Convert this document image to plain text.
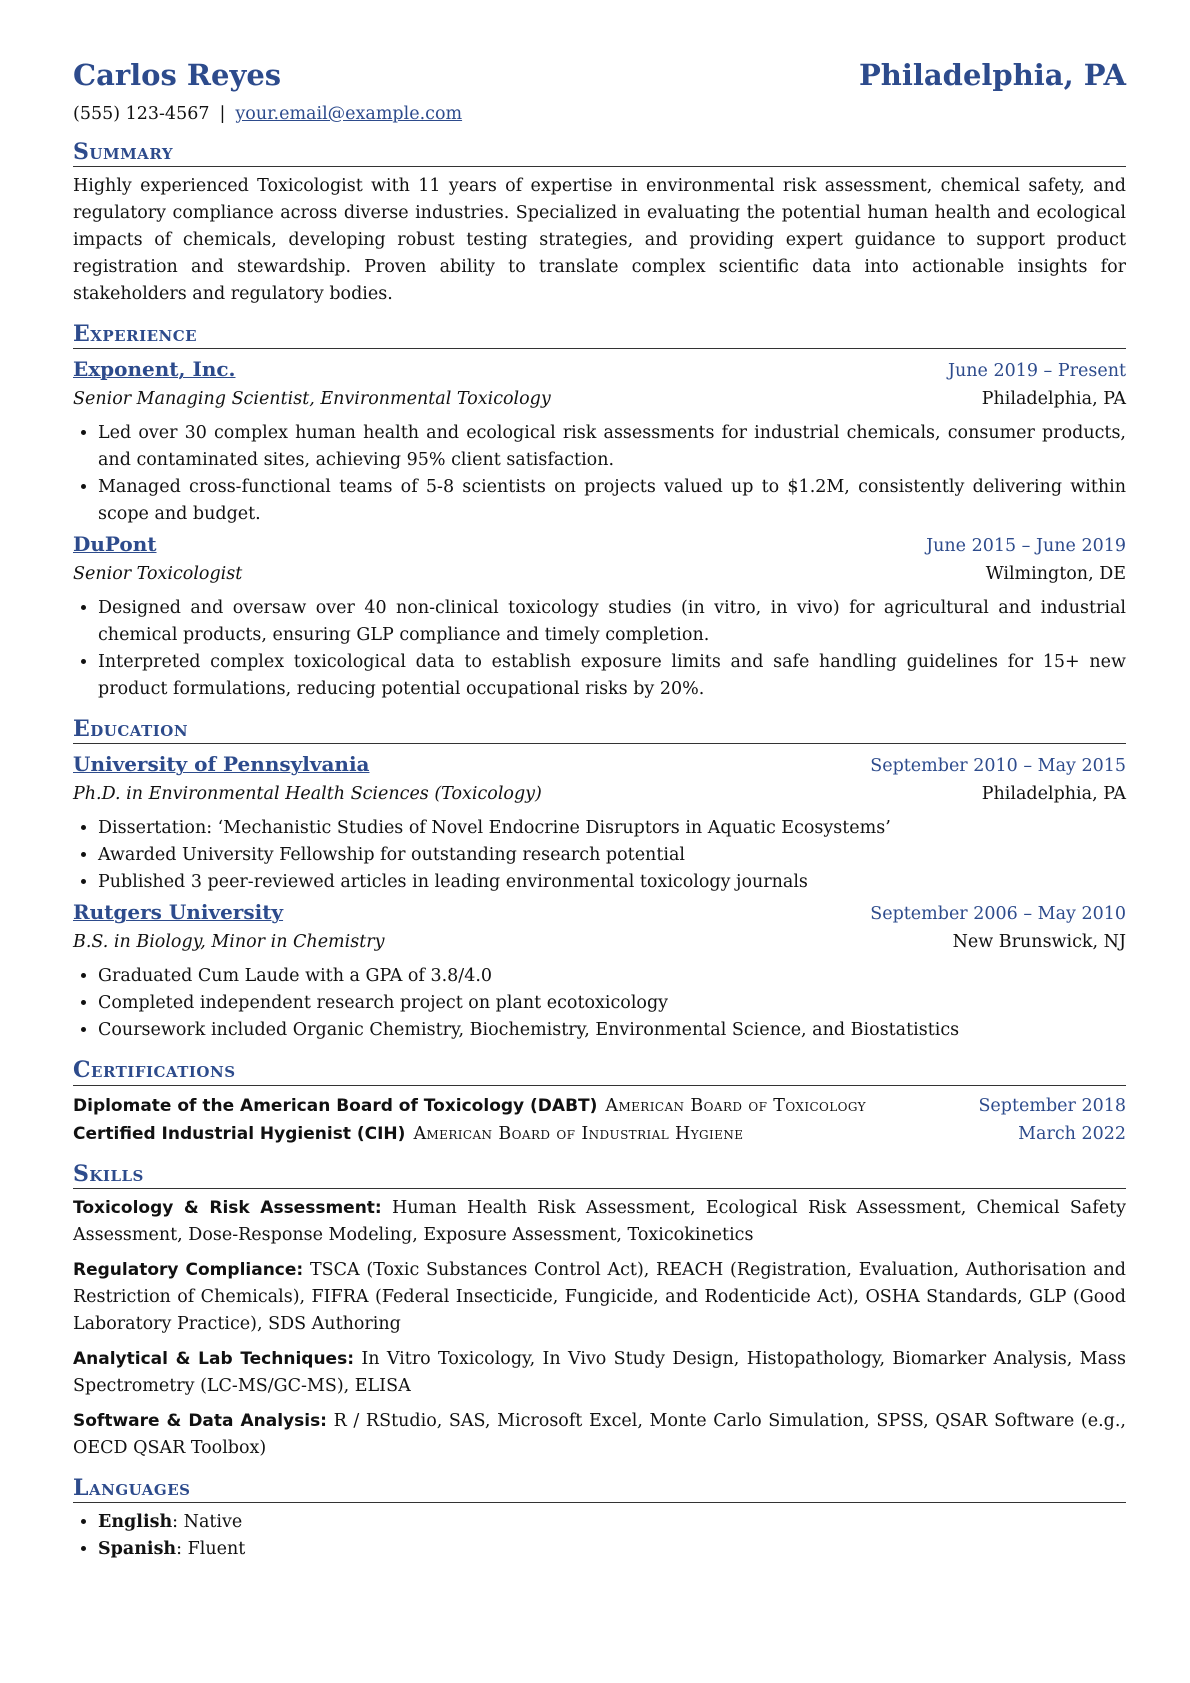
Carlos Reyes	Philadelphia, PA
(555) 123-4567 | your.email@example.com
Summary

Highly experienced Toxicologist with 11 years of expertise in environmental risk assessment, chemical safety, and regulatory compliance across diverse industries. Specialized in evaluating the potential human health and ecological impacts of chemicals, developing robust testing strategies, and providing expert guidance to support product registration and stewardship. Proven ability to translate complex scientific data into actionable insights for stakeholders and regulatory bodies.

Experience
Exponent, Inc.	June 2019 – Present
Senior Managing Scientist, Environmental Toxicology	Philadelphia, PA
• Led over 30 complex human health and ecological risk assessments for industrial chemicals, consumer products, and contaminated sites, achieving 95% client satisfaction.
• Managed cross-functional teams of 5-8 scientists on projects valued up to $1.2M, consistently delivering within scope and budget.
DuPont	June 2015 – June 2019
Senior Toxicologist	Wilmington, DE
• Designed and oversaw over 40 non-clinical toxicology studies (in vitro, in vivo) for agricultural and industrial chemical products, ensuring GLP compliance and timely completion.
• Interpreted complex toxicological data to establish exposure limits and safe handling guidelines for 15+ new product formulations, reducing potential occupational risks by 20%.
Education
University of Pennsylvania	September 2010 – May 2015
Ph.D. in Environmental Health Sciences (Toxicology)	Philadelphia, PA
• Dissertation: ‘Mechanistic Studies of Novel Endocrine Disruptors in Aquatic Ecosystems’
• Awarded University Fellowship for outstanding research potential
• Published 3 peer-reviewed articles in leading environmental toxicology journals
Rutgers University	September 2006 – May 2010
B.S. in Biology, Minor in Chemistry	New Brunswick, NJ
• Graduated Cum Laude with a GPA of 3.8/4.0
• Completed independent research project on plant ecotoxicology
• Coursework included Organic Chemistry, Biochemistry, Environmental Science, and Biostatistics
Certifications
Diplomate of the American Board of Toxicology (DABT) American Board of Toxicology	September 2018
Certified Industrial Hygienist (CIH) American Board of Industrial Hygiene	March 2022
Skills

Toxicology & Risk Assessment: Human Health Risk Assessment, Ecological Risk Assessment, Chemical Safety Assessment, Dose-Response Modeling, Exposure Assessment, Toxicokinetics

Regulatory Compliance: TSCA (Toxic Substances Control Act), REACH (Registration, Evaluation, Authorisation and Restriction of Chemicals), FIFRA (Federal Insecticide, Fungicide, and Rodenticide Act), OSHA Standards, GLP (Good Laboratory Practice), SDS Authoring

Analytical & Lab Techniques: In Vitro Toxicology, In Vivo Study Design, Histopathology, Biomarker Analysis, Mass Spectrometry (LC-MS/GC-MS), ELISA

Software & Data Analysis: R / RStudio, SAS, Microsoft Excel, Monte Carlo Simulation, SPSS, QSAR Software (e.g., OECD QSAR Toolbox)

Languages
• English: Native
• Spanish: Fluent
